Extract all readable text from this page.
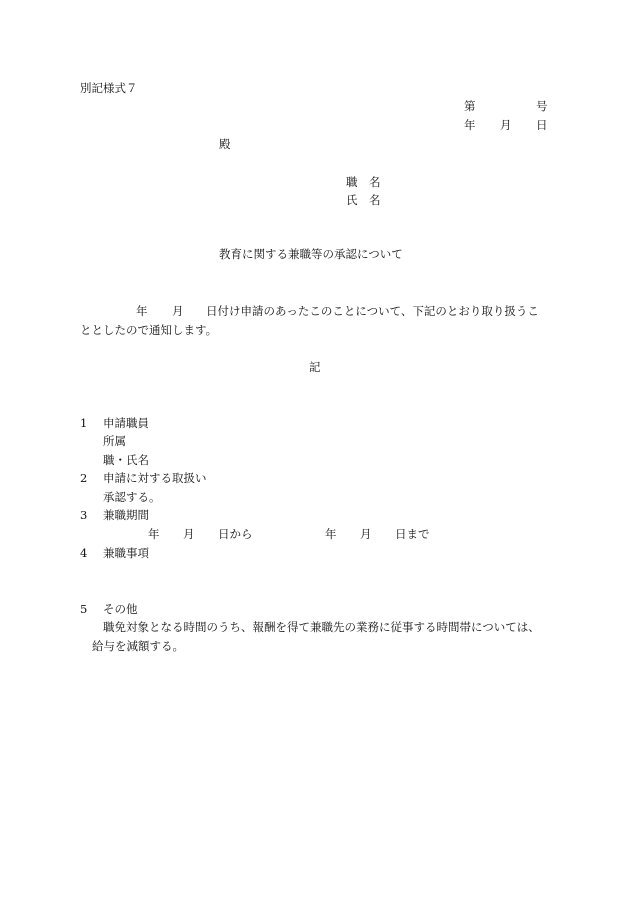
別記様式７
第	号
年 月 日
殿
職　名
氏　名
教育に関する兼職等の承認について
年 月 日付け申請のあったこのことについて、下記のとおり取り扱うこ
ととしたので通知します。
記
1 申請職員
所属
職・氏名
2 申請に対する取扱い
承認する。
3 兼職期間
年 月 日から	年 月 日まで
4 兼職事項
5 その他
職免対象となる時間のうち、報酬を得て兼職先の業務に従事する時間帯については、
給与を減額する。
